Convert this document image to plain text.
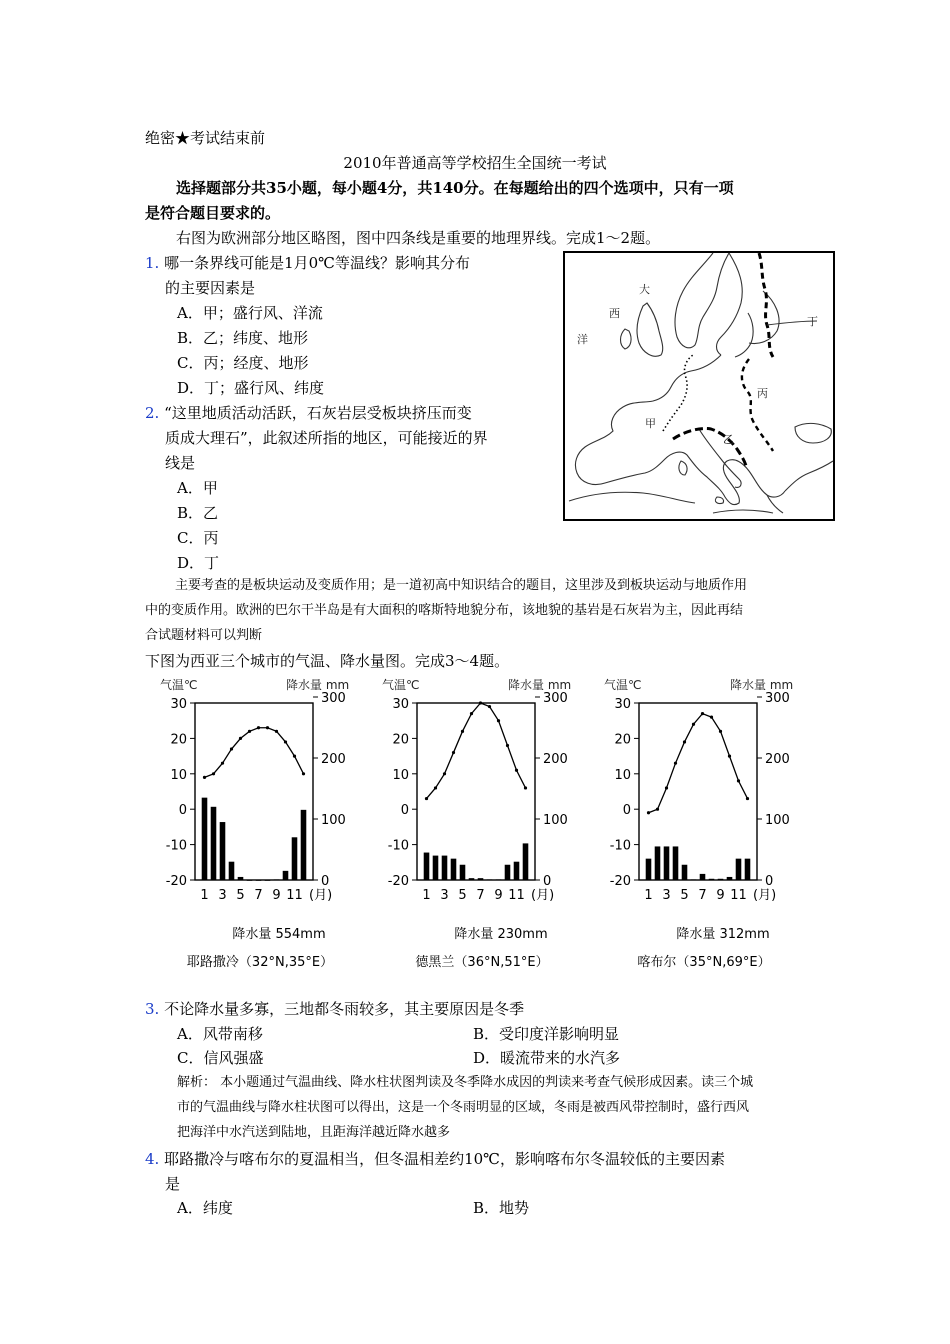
绝密★考试结束前
2010年普通高等学校招生全国统一考试
选择题部分共35小题，每小题4分，共140分。在每题给出的四个选项中，只有一项
是符合题目要求的。
右图为欧洲部分地区略图，图中四条线是重要的地理界线。完成1～2题。
1. 哪一条界线可能是1月0℃等温线？影响其分布
的主要因素是
A．甲；盛行风、洋流
B．乙；纬度、地形
C．丙；经度、地形
D．丁；盛行风、纬度
2. “这里地质活动活跃，石灰岩层受板块挤压而变
质成大理石”，此叙述所指的地区，可能接近的界
线是
A．甲
B．乙
C．丙
D．丁
大
西
洋
甲
乙
丙
丁
主要考查的是板块运动及变质作用；是一道初高中知识结合的题目，这里涉及到板块运动与地质作用
中的变质作用。欧洲的巴尔干半岛是有大面积的喀斯特地貌分布，该地貌的基岩是石灰岩为主，因此再结
合试题材料可以判断
下图为西亚三个城市的气温、降水量图。完成3～4题。
气温℃	降水量 mm
30
20
10
0
-10
-20
300
200
100
0
1 3 5 7 9 11 (月)
降水量 554mm
耶路撒冷（32°N,35°E）
气温℃	降水量 mm
30
20
10
0
-10
-20
300
200
100
0
1 3 5 7 9 11 (月)
降水量 230mm
德黑兰（36°N,51°E）
气温℃	降水量 mm
30
20
10
0
-10
-20
300
200
100
0
1 3 5 7 9 11 (月)
降水量 312mm
喀布尔（35°N,69°E）
3. 不论降水量多寡，三地都冬雨较多，其主要原因是冬季
A．风带南移	B．受印度洋影响明显
C．信风强盛	D．暖流带来的水汽多
解析： 本小题通过气温曲线、降水柱状图判读及冬季降水成因的判读来考查气候形成因素。读三个城
市的气温曲线与降水柱状图可以得出，这是一个冬雨明显的区域，冬雨是被西风带控制时，盛行西风
把海洋中水汽送到陆地，且距海洋越近降水越多
4. 耶路撒冷与喀布尔的夏温相当，但冬温相差约10℃，影响喀布尔冬温较低的主要因素
是
A．纬度	B．地势
